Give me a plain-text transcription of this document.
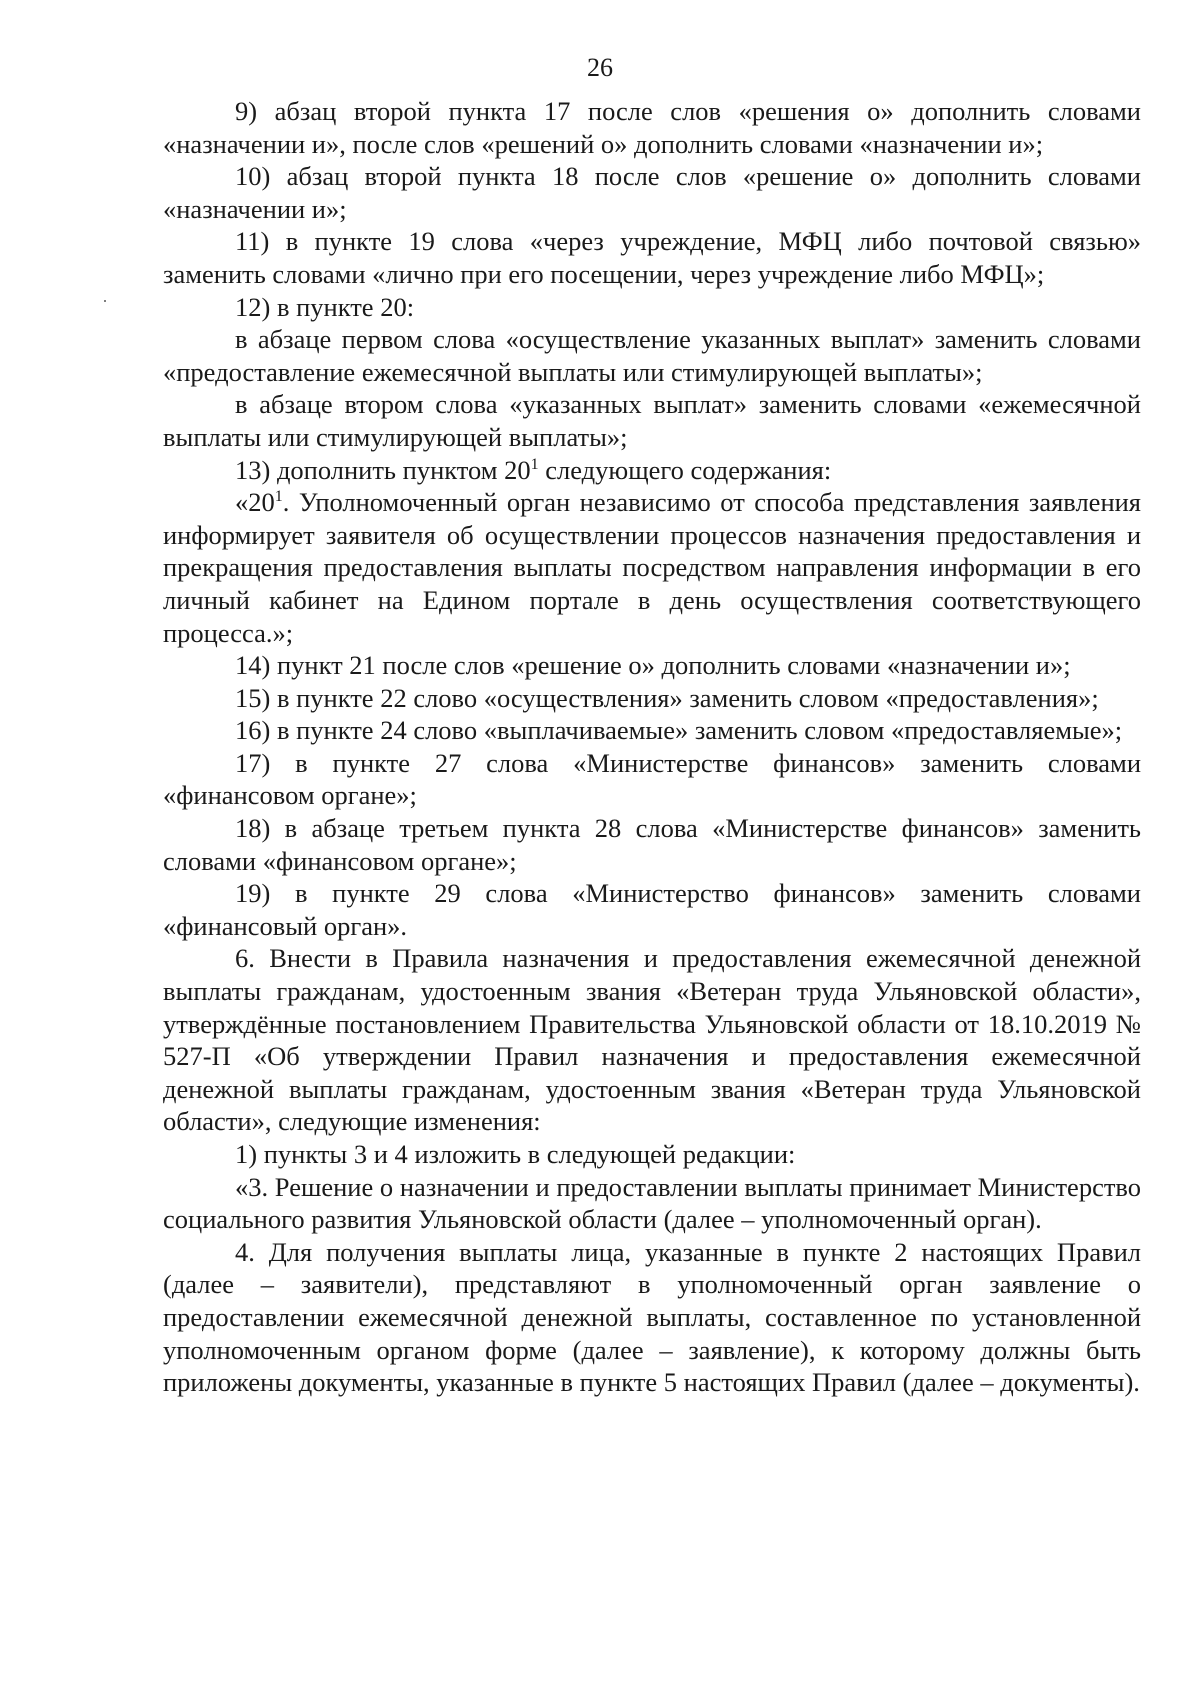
26

9) абзац второй пункта 17 после слов «решения о» дополнить словами «назначении и», после слов «решений о» дополнить словами «назначении и»;

10) абзац второй пункта 18 после слов «решение о» дополнить словами «назначении и»;

11) в пункте 19 слова «через учреждение, МФЦ либо почтовой связью» заменить словами «лично при его посещении, через учреждение либо МФЦ»;

12) в пункте 20:

в абзаце первом слова «осуществление указанных выплат» заменить словами «предоставление ежемесячной выплаты или стимулирующей выплаты»;

в абзаце втором слова «указанных выплат» заменить словами «ежемесячной выплаты или стимулирующей выплаты»;

13) дополнить пунктом $20^1$ следующего содержания:

«$20^1$. Уполномоченный орган независимо от способа представления заявления информирует заявителя об осуществлении процессов назначения предоставления и прекращения предоставления выплаты посредством направления информации в его личный кабинет на Едином портале в день осуществления соответствующего процесса.»;

14) пункт 21 после слов «решение о» дополнить словами «назначении и»;

15) в пункте 22 слово «осуществления» заменить словом «предоставления»;

16) в пункте 24 слово «выплачиваемые» заменить словом «предоставляемые»;

17) в пункте 27 слова «Министерстве финансов» заменить словами «финансовом органе»;

18) в абзаце третьем пункта 28 слова «Министерстве финансов» заменить словами «финансовом органе»;

19) в пункте 29 слова «Министерство финансов» заменить словами «финансовый орган».

6. Внести в Правила назначения и предоставления ежемесячной денежной выплаты гражданам, удостоенным звания «Ветеран труда Ульяновской области», утверждённые постановлением Правительства Ульяновской области от 18.10.2019 № 527-П «Об утверждении Правил назначения и предоставления ежемесячной денежной выплаты гражданам, удостоенным звания «Ветеран труда Ульяновской области», следующие изменения:

1) пункты 3 и 4 изложить в следующей редакции:

«3. Решение о назначении и предоставлении выплаты принимает Министерство социального развития Ульяновской области (далее – уполномоченный орган).

4. Для получения выплаты лица, указанные в пункте 2 настоящих Правил (далее – заявители), представляют в уполномоченный орган заявление о предоставлении ежемесячной денежной выплаты, составленное по установленной уполномоченным органом форме (далее – заявление), к которому должны быть приложены документы, указанные в пункте 5 настоящих Правил (далее – документы).
